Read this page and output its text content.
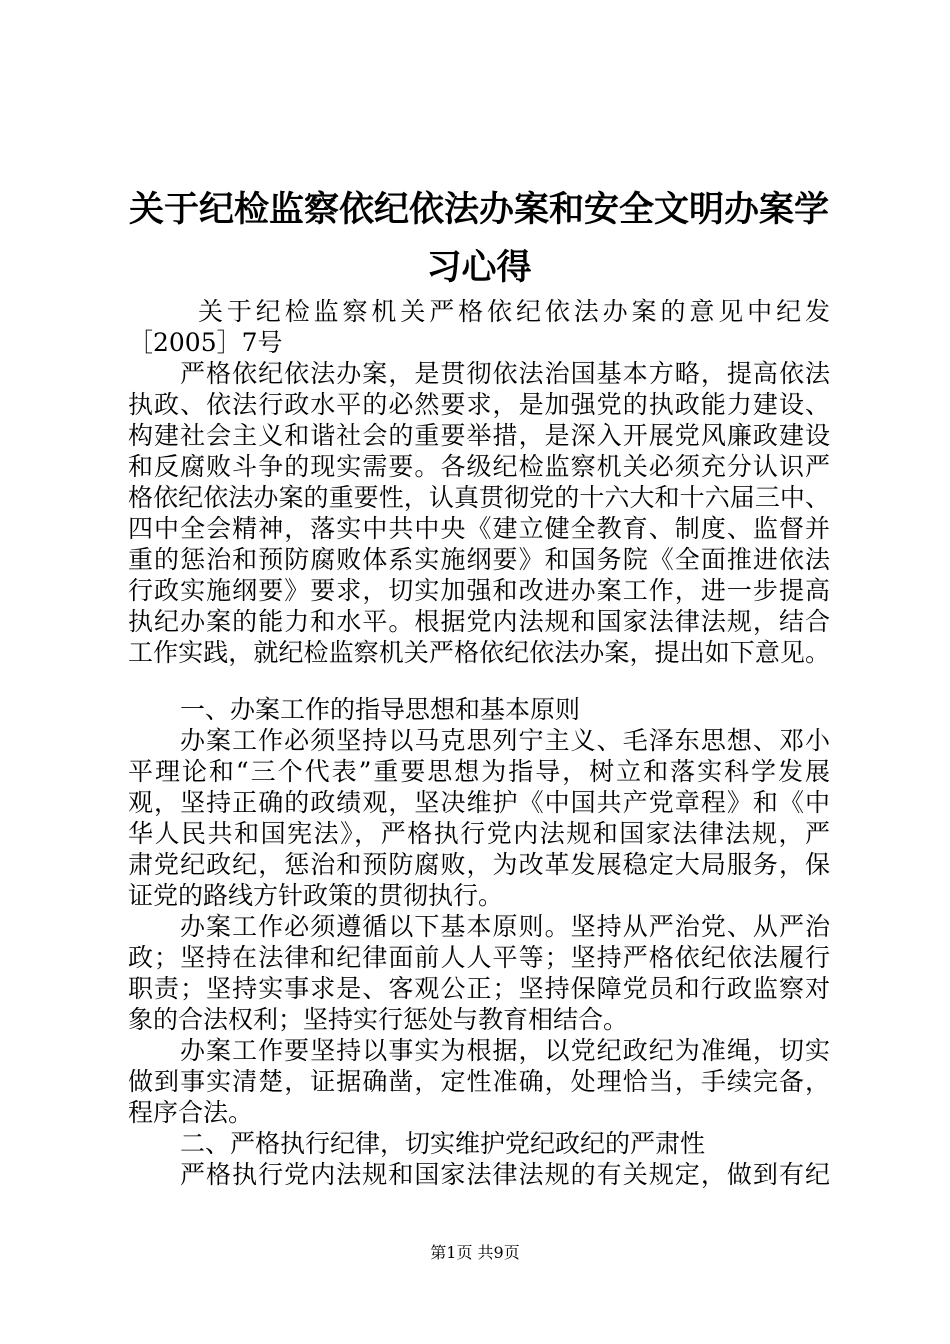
关于纪检监察依纪依法办案和安全文明办案学
习心得
关于纪检监察机关严格依纪依法办案的意见中纪发
［2005］7号
严格依纪依法办案，是贯彻依法治国基本方略，提高依法
执政、依法行政水平的必然要求，是加强党的执政能力建设、
构建社会主义和谐社会的重要举措，是深入开展党风廉政建设
和反腐败斗争的现实需要。各级纪检监察机关必须充分认识严
格依纪依法办案的重要性，认真贯彻党的十六大和十六届三中、
四中全会精神，落实中共中央《建立健全教育、制度、监督并
重的惩治和预防腐败体系实施纲要》和国务院《全面推进依法
行政实施纲要》要求，切实加强和改进办案工作，进一步提高
执纪办案的能力和水平。根据党内法规和国家法律法规，结合
工作实践，就纪检监察机关严格依纪依法办案，提出如下意见。
一、办案工作的指导思想和基本原则
办案工作必须坚持以马克思列宁主义、毛泽东思想、邓小
平理论和“三个代表”重要思想为指导，树立和落实科学发展
观，坚持正确的政绩观，坚决维护《中国共产党章程》和《中
华人民共和国宪法》，严格执行党内法规和国家法律法规，严
肃党纪政纪，惩治和预防腐败，为改革发展稳定大局服务，保
证党的路线方针政策的贯彻执行。
办案工作必须遵循以下基本原则。坚持从严治党、从严治
政；坚持在法律和纪律面前人人平等；坚持严格依纪依法履行
职责；坚持实事求是、客观公正；坚持保障党员和行政监察对
象的合法权利；坚持实行惩处与教育相结合。
办案工作要坚持以事实为根据，以党纪政纪为准绳，切实
做到事实清楚，证据确凿，定性准确，处理恰当，手续完备，
程序合法。
二、严格执行纪律，切实维护党纪政纪的严肃性
严格执行党内法规和国家法律法规的有关规定，做到有纪
第1页 共9页
